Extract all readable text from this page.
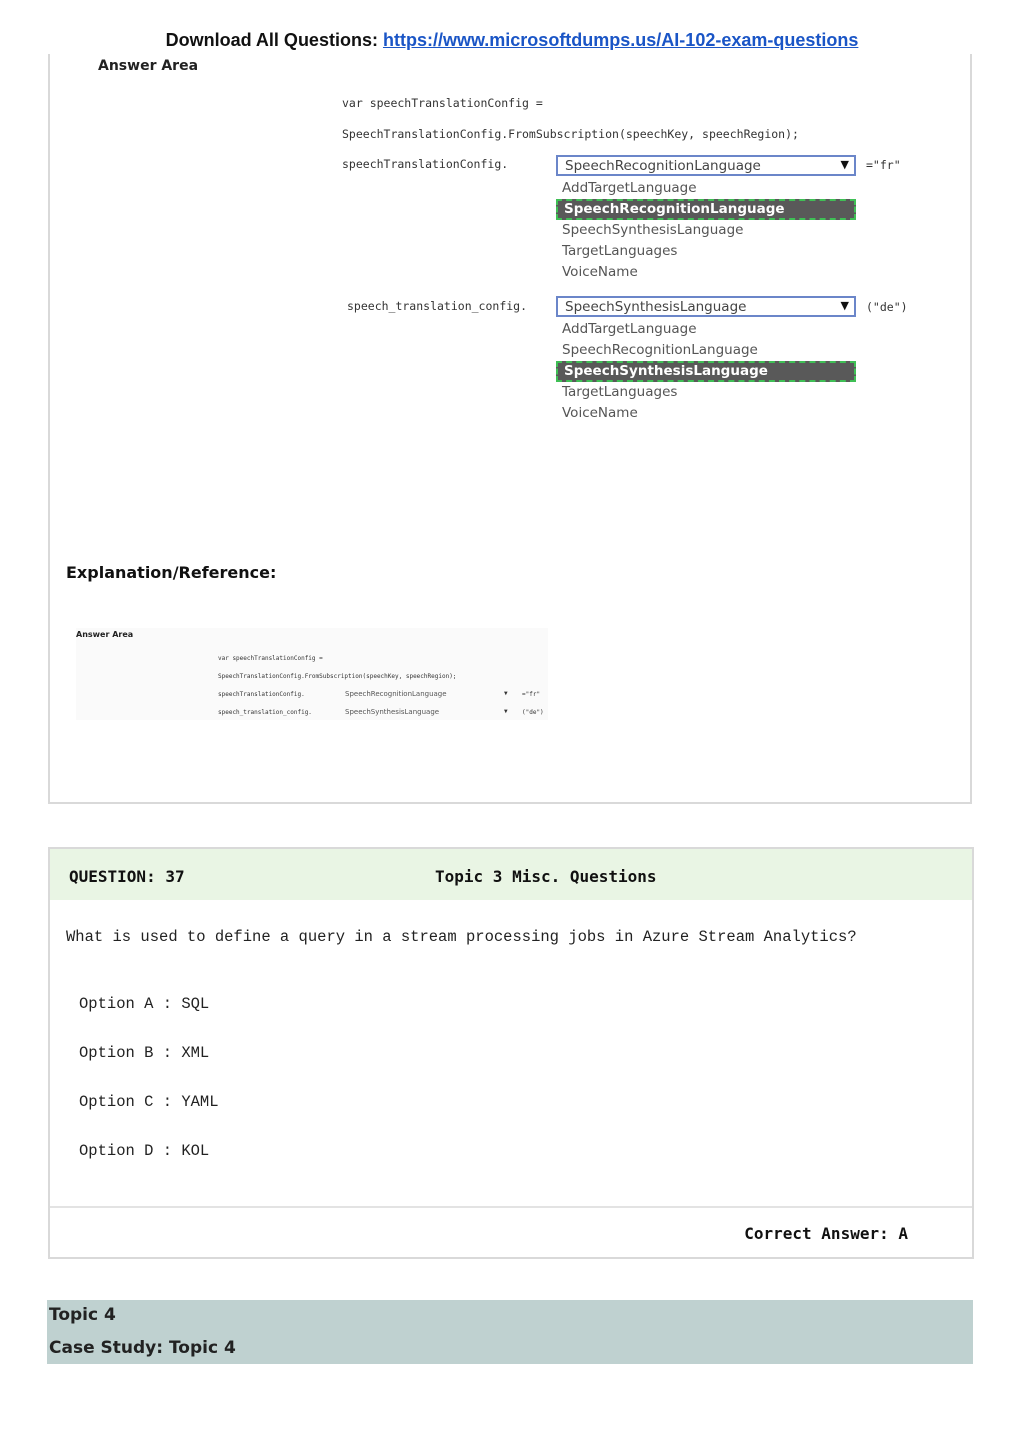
Download All Questions: https://www.microsoftdumps.us/AI-102-exam-questions
Answer Area
var speechTranslationConfig =
SpeechTranslationConfig.FromSubscription(speechKey, speechRegion);
speechTranslationConfig.	SpeechRecognitionLanguage	▼ ="fr"
AddTargetLanguage
SpeechRecognitionLanguage
SpeechSynthesisLanguage
TargetLanguages
VoiceName
speech_translation_config.	SpeechSynthesisLanguage	▼ ("de")
AddTargetLanguage
SpeechRecognitionLanguage
SpeechSynthesisLanguage
TargetLanguages
VoiceName
Explanation/Reference:
Answer Area
var speechTranslationConfig =
SpeechTranslationConfig.FromSubscription(speechKey, speechRegion);
speechTranslationConfig.	SpeechRecognitionLanguage	▼ ="fr"
speech_translation_config.	SpeechSynthesisLanguage	▼ ("de")
QUESTION: 37	Topic 3 Misc. Questions
What is used to define a query in a stream processing jobs in Azure Stream Analytics?
Option A : SQL
Option B : XML
Option C : YAML
Option D : KOL
Correct Answer: A
Topic 4
Case Study: Topic 4
